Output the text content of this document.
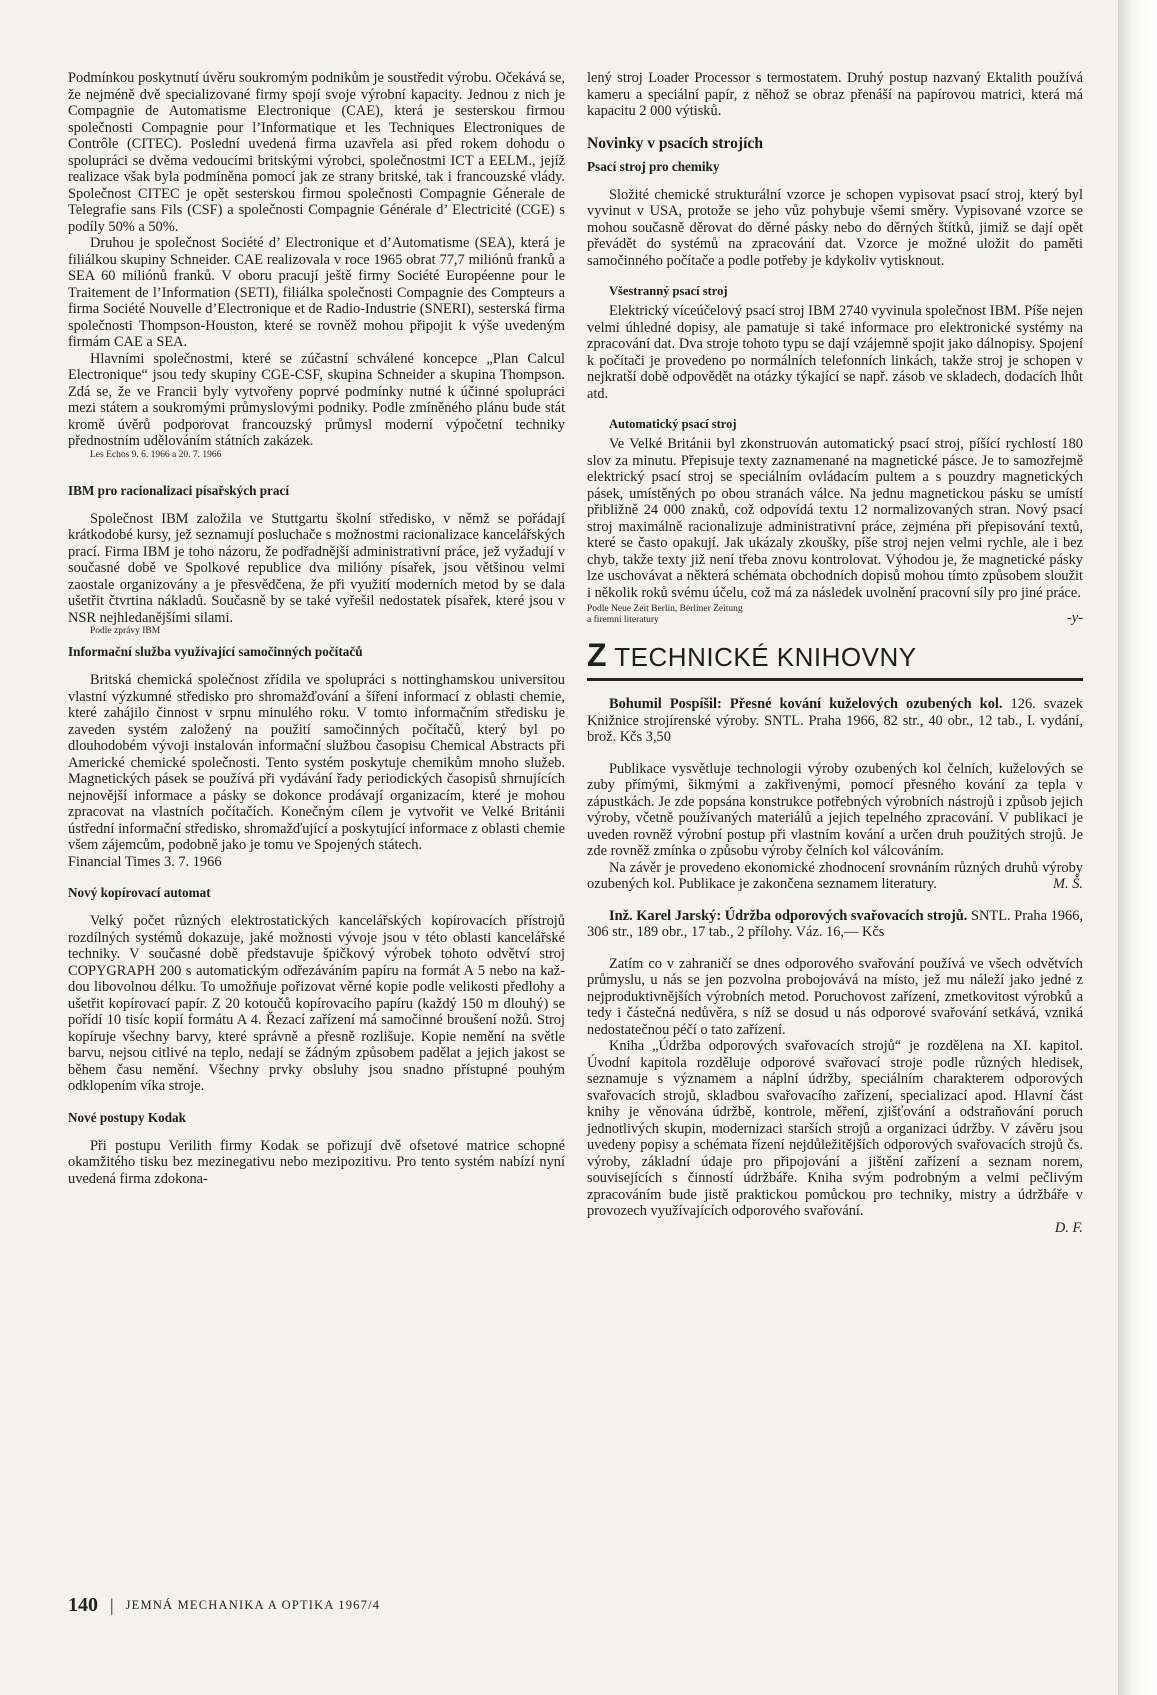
Podmínkou poskytnutí úvěru soukromým podnikům je soustředit výrobu. Očekává se, že nejméně dvě specializované firmy spojí svoje výrobní kapacity. Jednou z nich je Compagnie de Automatisme Electronique (CAE), která je sesterskou firmou společnosti Compagnie pour l’Informatique et les Techniques Electroniques de Contrôle (CITEC). Poslední uvedená firma uzavřela asi před rokem dohodu o spolupráci se dvěma vedoucími britskými výrobci, společnostmi ICT a EELM., jejíž realizace však byla podmíněna pomocí jak ze strany britské, tak i francouzské vlády. Společnost CITEC je opět sesterskou firmou společnosti Compagnie Génerale de Telegrafie sans Fils (CSF) a společnosti Compagnie Générale d’ Electricité (CGE) s podíly 50% a 50%.

Druhou je společnost Société d’ Electronique et d’Automatisme (SEA), která je filiálkou skupiny Schneider. CAE realizovala v roce 1965 obrat 77,7 miliónů franků a SEA 60 miliónů franků. V oboru pracují ještě firmy Société Européenne pour le Traitement de l’Information (SETI), filiálka společnosti Compagnie des Compteurs a firma Société Nouvelle d’Electronique et de Radio-Industrie (SNERI), sesterská firma společnosti Thompson-Houston, které se rovněž mohou připojit k výše uvedeným firmám CAE a SEA.

Hlavními společnostmi, které se zúčastní schválené koncepce „Plan Calcul Electronique“ jsou tedy skupiny CGE-CSF, skupina Schneider a skupina Thompson. Zdá se, že ve Francii byly vytvořeny poprvé podmínky nutné k účinné spolupráci mezi státem a soukromými průmyslovými podniky. Podle zmíněného plánu bude stát kromě úvěrů podporovat francouzský průmysl moderní výpočetní techniky přednostním udělováním státních zakázek.

Les Echos 9. 6. 1966 a 20. 7. 1966

IBM pro racionalizaci písařských prací

Společnost IBM založila ve Stuttgartu školní středisko, v němž se pořádají krátkodobé kursy, jež seznamují posluchače s možnostmi racionalizace kancelářských prací. Firma IBM je toho názoru, že podřadnější administrativní práce, jež vyžadují v současné době ve Spolkové republice dva milióny písařek, jsou většinou velmi zaostale organizovány a je přesvědčena, že při využití moderních metod by se dala ušetřit čtvrtina nákladů. Současně by se také vyřešil nedostatek písařek, které jsou v NSR nejhledanějšími silami.

Podle zprávy IBM

Informační služba využívající samočinných počítačů

Britská chemická společnost zřídila ve spolupráci s nottinghamskou universitou vlastní výzkumné středisko pro shromažďování a šíření informací z oblasti chemie, které zahájilo činnost v srpnu minulého roku. V tomto informačním středisku je zaveden systém založený na použití samočinných počítačů, který byl po dlouhodobém vývoji instalován informační službou časopisu Chemical Abstracts při Americké chemické společnosti. Tento systém poskytuje chemikům mnoho služeb. Magnetických pásek se používá při vydávání řady periodických časopisů shrnujících nejnovější informace a pásky se dokonce prodávají organizacím, které je mohou zpracovat na vlastních počítačích. Konečným cílem je vytvořit ve Velké Británii ústřední informační středisko, shromažďující a poskytující informace z oblasti chemie všem zájemcům, podobně jako je tomu ve Spojených státech.

Financial Times 3. 7. 1966

Nový kopírovací automat

Velký počet různých elektrostatických kancelářských kopírovacích přístrojů rozdílných systémů dokazuje, jaké možnosti vývoje jsou v této oblasti kancelářské techniky. V současné době představuje špičkový výrobek tohoto odvětví stroj COPYGRAPH 200 s automatickým odřezáváním papíru na formát A 5 nebo na každou libovolnou délku. To umožňuje pořizovat věrné kopie podle velikosti předlohy a ušetřit kopírovací papír. Z 20 kotoučů kopírovacího papíru (každý 150 m dlouhý) se pořídí 10 tisíc kopií formátu A 4. Řezací zařízení má samočinné broušení nožů. Stroj kopíruje všechny barvy, které správně a přesně rozlišuje. Kopie nemění na světle barvu, nejsou citlivé na teplo, nedají se žádným způsobem padělat a jejich jakost se během času nemění. Všechny prvky obsluhy jsou snadno přístupné pouhým odklopením víka stroje.

Nové postupy Kodak

Při postupu Verilith firmy Kodak se pořizují dvě ofsetové matrice schopné okamžitého tisku bez mezinegativu nebo mezipozitivu. Pro tento systém nabízí nyní uvedená firma zdokona-

lený stroj Loader Processor s termostatem. Druhý postup nazvaný Ektalith používá kameru a speciální papír, z něhož se obraz přenáší na papírovou matrici, která má kapacitu 2 000 výtisků.

Novinky v psacích strojích
Psací stroj pro chemiky

Složité chemické strukturální vzorce je schopen vypisovat psací stroj, který byl vyvinut v USA, protože se jeho vůz pohybuje všemi směry. Vypisované vzorce se mohou současně děrovat do děrné pásky nebo do děrných štítků, jimiž se dají opět převádět do systémů na zpracování dat. Vzorce je možné uložit do paměti samočinného počítače a podle potřeby je kdykoliv vytisknout.

Všestranný psací stroj

Elektrický víceúčelový psací stroj IBM 2740 vyvinula společnost IBM. Píše nejen velmi úhledné dopisy, ale pamatuje si také informace pro elektronické systémy na zpracování dat. Dva stroje tohoto typu se dají vzájemně spojit jako dálnopisy. Spojení k počítači je provedeno po normálních telefonních linkách, takže stroj je schopen v nejkratší době odpovědět na otázky týkající se např. zásob ve skladech, dodacích lhůt atd.

Automatický psací stroj

Ve Velké Británii byl zkonstruován automatický psací stroj, píšící rychlostí 180 slov za minutu. Přepisuje texty zaznamenané na magnetické pásce. Je to samozřejmě elektrický psací stroj se speciálním ovládacím pultem a s pouzdry magnetických pásek, umístěných po obou stranách válce. Na jednu magnetickou pásku se umístí přibližně 24 000 znaků, což odpovídá textu 12 normalizovaných stran. Nový psací stroj maximálně racionalizuje administrativní práce, zejména při přepisování textů, které se často opakují. Jak ukázaly zkoušky, píše stroj nejen velmi rychle, ale i bez chyb, takže texty již není třeba znovu kontrolovat. Výhodou je, že magnetické pásky lze uschovávat a některá schémata obchodních dopisů mohou tímto způsobem sloužit i několik roků svému účelu, což má za následek uvolnění pracovní síly pro jiné práce.

Podle Neue Zeit Berlin, Berliner Zeitung
a firemní literatury	-y-
Z TECHNICKÉ KNIHOVNY

Bohumil Pospíšil: Přesné kování kuželových ozubených kol. 126. svazek Knižnice strojírenské výroby. SNTL. Praha 1966, 82 str., 40 obr., 12 tab., I. vydání, brož. Kčs 3,50

Publikace vysvětluje technologii výroby ozubených kol čelních, kuželových se zuby přímými, šikmými a zakřivenými, pomocí přesného kování za tepla v zápustkách. Je zde popsána konstrukce potřebných výrobních nástrojů i způsob jejich výroby, včetně používaných materiálů a jejich tepelného zpracování. V publikaci je uveden rovněž výrobní postup při vlastním kování a určen druh použitých strojů. Je zde rovněž zmínka o způsobu výroby čelních kol válcováním.

Na závěr je provedeno ekonomické zhodnocení srovnáním různých druhů výroby ozubených kol. Publikace je zakončena seznamem literatury.	M. Š.

Inž. Karel Jarský: Údržba odporových svařovacích strojů. SNTL. Praha 1966, 306 str., 189 obr., 17 tab., 2 přílohy. Váz. 16,— Kčs

Zatím co v zahraničí se dnes odporového svařování používá ve všech odvětvích průmyslu, u nás se jen pozvolna probojovává na místo, jež mu náleží jako jedné z nejproduktivnějších výrobních metod. Poruchovost zařízení, zmetkovitost výrobků a tedy i částečná nedůvěra, s níž se dosud u nás odporové svařování setkává, vzniká nedostatečnou péčí o tato zařízení.

Kniha „Údržba odporových svařovacích strojů“ je rozdělena na XI. kapitol. Úvodní kapitola rozděluje odporové svařovací stroje podle různých hledisek, seznamuje s významem a náplní údržby, speciálním charakterem odporových svařovacích strojů, skladbou svařovacího zařízení, specializací apod. Hlavní část knihy je věnována údržbě, kontrole, měření, zjišťování a odstraňování poruch jednotlivých skupin, modernizaci starších strojů a organizaci údržby. V závěru jsou uvedeny popisy a schémata řízení nejdůležitějších odporových svařovacích strojů čs. výroby, základní údaje pro připojování a jištění zařízení a seznam norem, souvisejících s činností údržbáře. Kniha svým podrobným a velmi pečlivým zpracováním bude jistě praktickou pomůckou pro techniky, mistry a údržbáře v provozech využívajících odporového svařování.

D. F.

140 | JEMNÁ MECHANIKA A OPTIKA 1967/4
